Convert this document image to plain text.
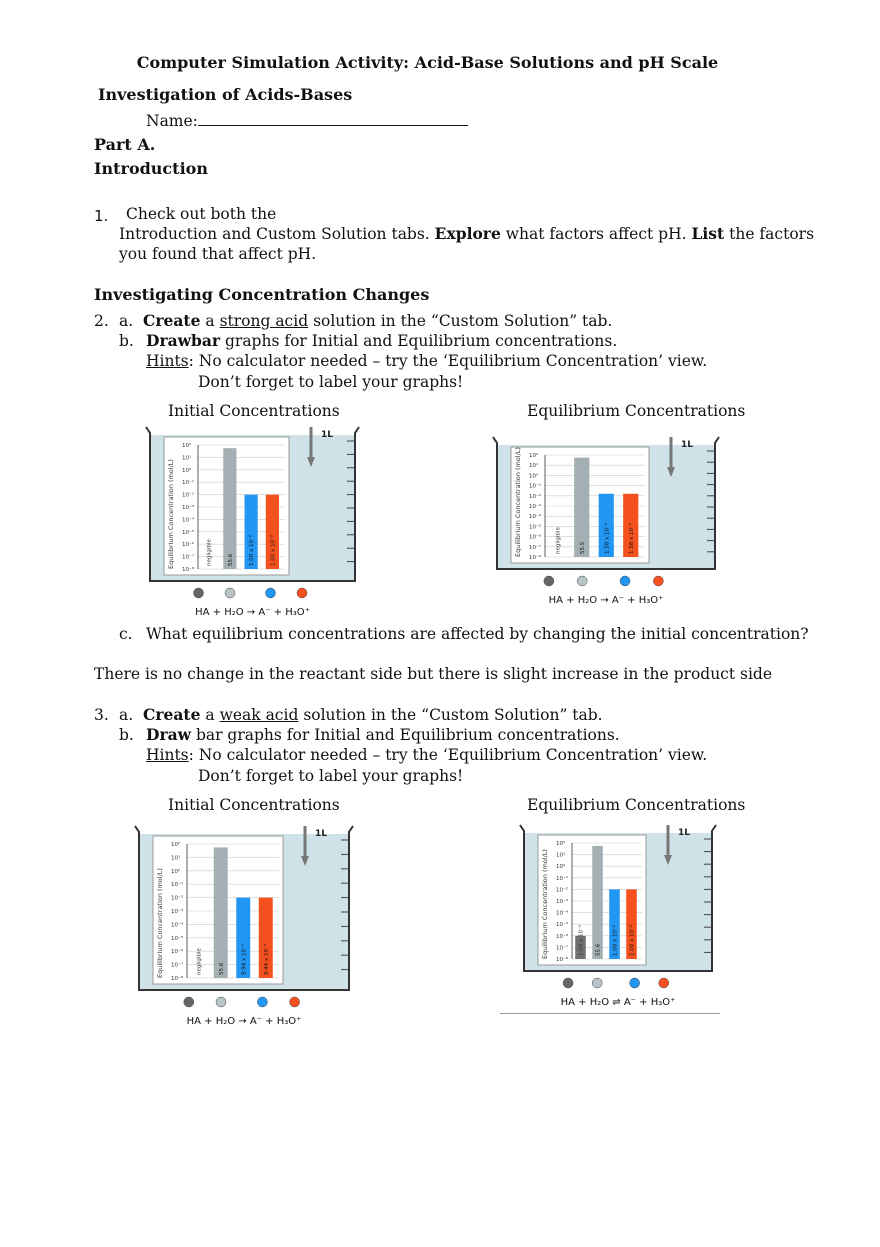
Computer Simulation Activity: Acid-Base Solutions and pH Scale
Investigation of Acids-Bases
Name:
Part A.
Introduction
1. Check out both the
Introduction and Custom Solution tabs. Explore what factors affect pH. List the factors
you found that affect pH.
Investigating Concentration Changes
2. a. Create a strong acid solution in the “Custom Solution” tab.
b. Drawbar graphs for Initial and Equilibrium concentrations.
Hints: No calculator needed – try the ‘Equilibrium Concentration’ view.
Don’t forget to label your graphs!
Initial Concentrations	Equilibrium Concentrations
1L
Equilibrium Concentration (mol/L)
10²
10¹
10⁰
10⁻¹
10⁻²
10⁻³
10⁻⁴
10⁻⁵
10⁻⁶
10⁻⁷
10⁻⁸
negligible	55.6	1.00 x 10⁻²	1.00 x 10⁻²
HA + H₂O → A⁻ + H₃O⁺
1L
Equilibrium Concentration (mol/L) 10²
10¹
10⁰
10⁻¹
10⁻²
10⁻³
10⁻⁴
10⁻⁵
10⁻⁶
10⁻⁷
10⁻⁸
negligible	55.5	1.58 x 10⁻²	1.58 x 10⁻²
HA + H₂O → A⁻ + H₃O⁺
c. What equilibrium concentrations are affected by changing the initial concentration?
There is no change in the reactant side but there is slight increase in the product side
3. a. Create a weak acid solution in the “Custom Solution” tab.
b. Draw bar graphs for Initial and Equilibrium concentrations.
Hints: No calculator needed – try the ‘Equilibrium Concentration’ view.
Don’t forget to label your graphs!
Initial Concentrations	Equilibrium Concentrations
1L
Equilibrium Concentration (mol/L)
10²
10¹
10⁰
10⁻¹
10⁻²
10⁻³
10⁻⁴
10⁻⁵
10⁻⁶
10⁻⁷
10⁻⁸
negligible	55.6	9.94 x 10⁻³	9.44 x 10⁻³
HA + H₂O → A⁻ + H₃O⁺
1L
Equilibrium Concentration (mol/L)
10²
10¹
10⁰
10⁻¹
10⁻²
10⁻³
10⁻⁴
10⁻⁵
10⁻⁶
10⁻⁷
10⁻⁸
1.00 x 10⁻⁶ 55.6 1.00 x 10⁻² 1.00 x 10⁻²
HA + H₂O ⇌ A⁻ + H₃O⁺
